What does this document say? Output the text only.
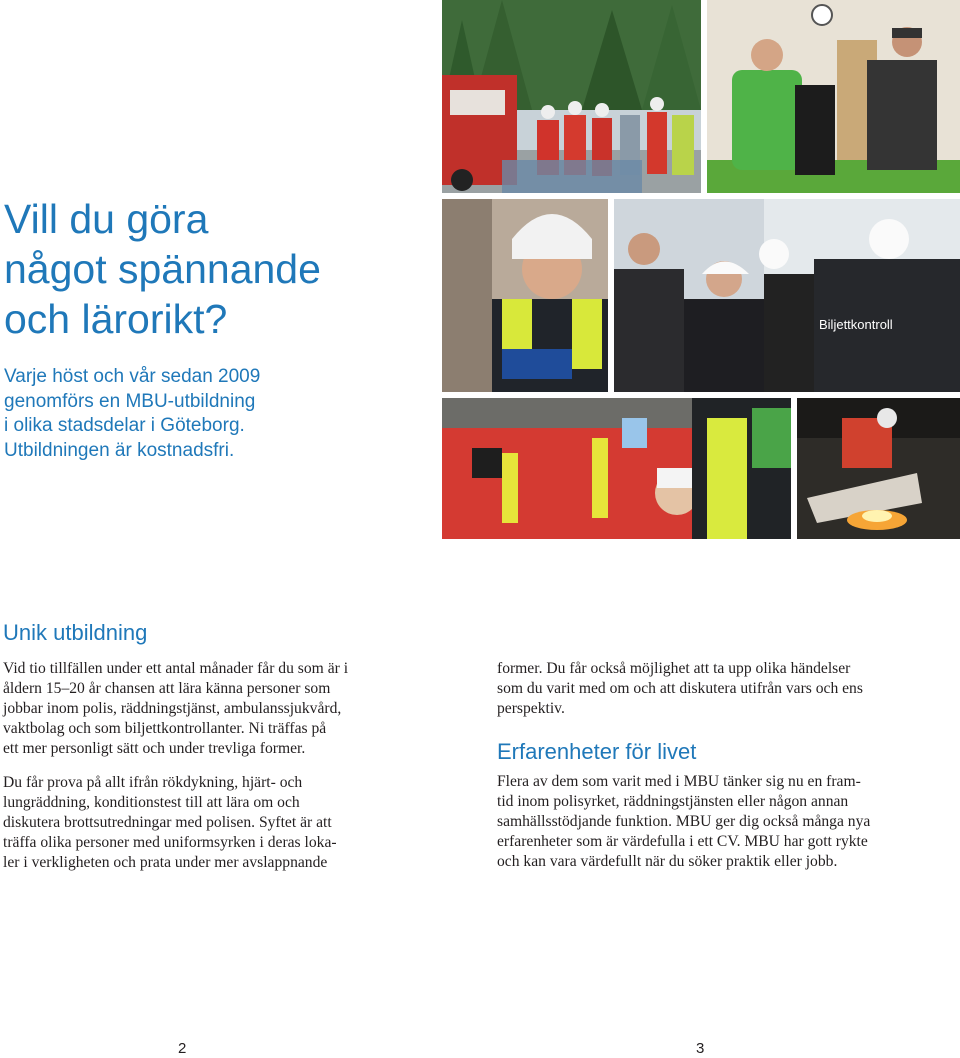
Vill du göra
något spännande
och lärorikt?

Varje höst och vår sedan 2009
genomförs en MBU-utbildning
i olika stadsdelar i Göteborg.
Utbildningen är kostnadsfri.

Biljettkontroll
Unik utbildning

Vid tio tillfällen under ett antal månader får du som är i
åldern 15–20 år chansen att lära känna personer som
jobbar inom polis, räddningstjänst, ambulanssjukvård,
vaktbolag och som biljettkontrollanter. Ni träffas på
ett mer personligt sätt och under trevliga former.

Du får prova på allt ifrån rökdykning, hjärt- och
lungräddning, konditionstest till att lära om och
diskutera brottsutredningar med polisen. Syftet är att
träffa olika personer med uniformsyrken i deras loka-
ler i verkligheten och prata under mer avslappnande

former. Du får också möjlighet att ta upp olika händelser
som du varit med om och att diskutera utifrån vars och ens
perspektiv.

Erfarenheter för livet

Flera av dem som varit med i MBU tänker sig nu en fram-
tid inom polisyrket, räddningstjänsten eller någon annan
samhällsstödjande funktion. MBU ger dig också många nya
erfarenheter som är värdefulla i ett CV. MBU har gott rykte
och kan vara värdefullt när du söker praktik eller jobb.

2	3
